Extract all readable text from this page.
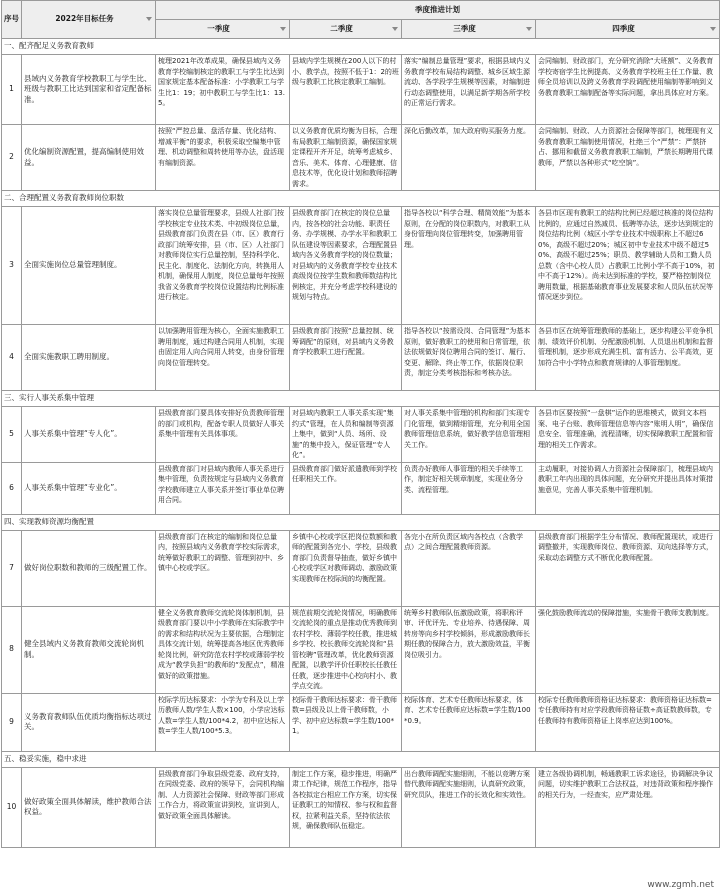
序号	2022年目标任务	季度推进计划			
		一季度	二季度	三季度	四季度

一、配齐配足义务教育教师					
1	县域内义务教育学校教职工与学生比、班级与教职工比达到国家和省定配备标准。	梳理2021年改革成果，确保县域内义务教育学校编制核定的教职工与学生比达到国家规定基本配备标准：小学教职工与学生比1：19；初中教职工与学生比1：13.5。	县域内学生规模在200人以下的村小、教学点，按照不低于1：2的班级与教职工比核定教职工编制。	落实“编制总量管理”要求，根据县域内义务教育学校布局结构调整、城乡区域生源流动、各学段学生规模等因素，对编制进行动态调整使用，以满足新学期各所学校的正常运行需求。	会同编制、财政部门，充分研究消除“大班额”、义务教育学校寄宿学生比例提高、义务教育学校班主任工作量、教师全员培训以及跨义务教育学段调配使用编制等影响到义务教育教职工编制配备等实际问题，拿出具体应对方案。
2	优化编制资源配置，提高编制使用效益。	按照“严控总量、盘活存量、优化结构、增减平衡”的要求，积极采取空编集中管理、机动调整和周转使用等办法，盘活现有编制资源。	以义务教育优质均衡为目标，合理布局教职工编制资源，确保国家规定课程开齐开足，统筹考虑城乡、音乐、美术、体育、心理健康、信息技术等，优化设计划和教师招聘需求。	深化后勤改革，加大政府购买服务力度。	会同编制、财政、人力资源社会保障等部门，梳理现有义务教育教职工编制使用情况，杜绝三个“严禁”：严禁挤占、挪用和截留义务教育教职工编制，严禁长期聘用代课教师，严禁以各种形式“吃空饷”。
二、合理配置义务教育教师岗位职数					
3	全面实施岗位总量管理制度。	落实岗位总量管理要求，县级人社部门按学校核定专业技术类、中初级岗位总量，县级教育部门负责在县（市、区）教育行政部门统筹安排，县（市、区）人社部门对教师岗位实行总量控制，坚持科学化、民主化、制度化、法制化方向，转换用人机制，确保用人制度，岗位总量每年按照我省义务教育学校岗位设置结构比例标准进行核定。	县级教育部门在核定的岗位总量内，按各校的社会功能、职责任务、办学规模、办学水平和教职工队伍建设等因素要求，合理配置县域内各义务教育学校的岗位数量；对县域内的义务教育学校专业技术高级岗位按学生数和教师数结构比例核定，并充分考虑学校科建设的规划与特点。	指导各校以“科学合理、精简效能”为基本原则，在分配的岗位职数内，对教职工从身份管理向岗位管理转变，加强聘用管理。	各县市区现有教职工的结构比例已经超过核准的岗位结构比例的，应通过自然减员、低聘等办法，逐步达到规定的岗位结构比例（城区小学专业技术中级职称上不超过60%，高级不超过20%；城区初中专业技术中级不超过50%、高级不超过25%；职员、教学辅助人员和工勤人员总数（含中心校人员）占教职工比例小学不高于10%，初中不高于12%）。尚未达到标准的学校，要严格控制岗位聘用数量，根据基础教育事业发展要求和人员队伍状况等情况逐步到位。
4	全面实施教职工聘用制度。	以加强聘用管理为核心，全面实施教职工聘用制度，通过构建合同用人机制，实现由固定用人向合同用人转变，由身份管理向岗位管理转变。	县级教育部门按照“总量控制、统筹调配”的原则，对县域内义务教育学校教职工进行配置。	指导各校以“按需设岗、合同管理”为基本原则，做好教职工的使用和日常管理，依法依规做好岗位聘用合同的签订、履行、变更、解除、终止等工作，依据岗位职责，制定分类考核指标和考核办法。	各县市区在统筹管理教师的基础上，逐步构建公平竞争机制、绩效评价机制、分配激励机制、人员退出机制和监督管理机制，逐步形成充满生机、富有活力、公平高效，更加符合中小学特点和教育规律的人事管理制度。
三、实行人事关系集中管理					
5	人事关系集中管理“专人化”。	县级教育部门要具体安排好负责教师管理的部门或机构，配备专职人员做好人事关系集中管理有关具体事项。	对县域内教职工人事关系实现“集约式”管理，在人员和编制等资源上集中，做到“人员、场所、设施”的集中投入，保证管理“专人化”。	对人事关系集中管理的机构和部门实现专门化管理，做到精细管理，充分利用全国教师管理信息系统，做好教学信息管理相关工作。	各县市区要按照“一盘棋”运作的思维模式，做到文本档案、电子台账、教师管理信息等内容“账明人明”，确保信息安全、管理准确，流程清晰，切实保障教职工配置和管理的相关工作需求。
6	人事关系集中管理“专业化”。	县级教育部门对县域内教师人事关系进行集中管理，负责按规定与县域内义务教育学校教师建立人事关系并签订事业单位聘用合同。	县级教育部门做好派遣教师到学校任职相关工作。	负责办好教师人事管理的相关手续等工作，制定好相关规章制度，实现业务分类、流程管理。	主动履职，对接协调人力资源社会保障部门，梳理县域内教职工年内出现的具体问题，充分研究并提出具体对策措施意见，完善人事关系集中管理机制。
四、实现教师资源均衡配置					
7	做好岗位职数和教师的三级配置工作。	县级教育部门在核定的编制和岗位总量内，按照县域内义务教育学校实际需求，统筹做好教职工的调整、管理到初中、乡镇中心校或学区。	乡镇中心校或学区把岗位数额和教师的配置到各完小、学校，县级教育部门负责督导抽查，做好乡镇中心校或学区对教师调动、激励政策实现教师在校际间的均衡配置。	各完小在所负责区域内各校点（含教学点）之间合理配置教师资源。	县级教育部门根据学生分布情况、教师配置现状，或进行调整撤并，实现教师岗位、教师资源、双向选择等方式，采取动态调整方式不断优化教师配置。
8	健全县域内义务教育教师交流轮岗机制。	健全义务教育教师交流轮岗体制机制，县级教育部门要以中小学教师在实际教学中的需求和结构状况为主要依据，合理制定具体交流计划，统筹提高各地区优秀教师轮岗比例，研究防范农村学校或薄弱学校成为“教学负担”的教师的“发配点”，精准做好的政策措施。	规范前期交流轮岗情况，明确教师交流轮岗的重点是推动优秀教师到农村学校、薄弱学校任教，推进城乡学校、校长教师交流轮岗和“县管校聘”管理改革，优化教师资源配置，以教学评价任职校长任教任任教，逐步推进中心校向村小、教学点交流。	统筹乡村教师队伍激励政策，将职称评审、评优评先、专业培养、待遇保障、周转房等向乡村学校倾斜，形成激励教师长期任教的保障合力，放大激励效益，平衡岗位吸引力。	强化鼓励教师流动的保障措施，实施骨干教师支教制度。
9	义务教育教师队伍优质均衡指标达项过关。	校际学历达标要求：小学为专科及以上学历教师人数/学生人数×100，小学应达标人数=学生人数/100*4.2，初中应达标人数=学生人数/100*5.3。	校际骨干教师达标要求：骨干教师数=县级及以上骨干教师数，小学、初中应达标数=学生数/100*1。	校际体育、艺术专任教师达标要求，体育、艺术专任教师应达标数=学生数/100*0.9。	校际专任教师教师资格证达标要求：教师资格证达标数=专任教师持有对应学段教师资格证数÷高证数教师数，专任教师持有教师资格证上岗率应达到100%。
五、稳妥实施，稳中求进					
10	做好政策全面具体解读，维护教师合法权益。	县级教育部门争取县级党委、政府支持，在同级党委、政府的领导下，会同机构编制、人力资源社会保障、财政等部门形成工作合力，将政策宣讲到校，宣讲到人，做好政策全面具体解读。	制定工作方案，稳步推进，明确严肃工作纪律，规范工作程序，指导各校拟定台相应工作方案，切实保证教职工的知情权、参与权和监督权，拉紧利益关系，坚持依法依规，确保教师队伍稳定。	出台教师调配实施细则，不能以竞聘方案替代教师调配实施细则，认真研究政策，研究员队，推进工作的长效化和实效性。	建立各级协调机制，畅通教职工诉求途径，协调解决争议问题，切实维护教职工合法权益，对违背政策和程序操作的相关行为，一经查实，应严肃处理。
www.zgmh.net
